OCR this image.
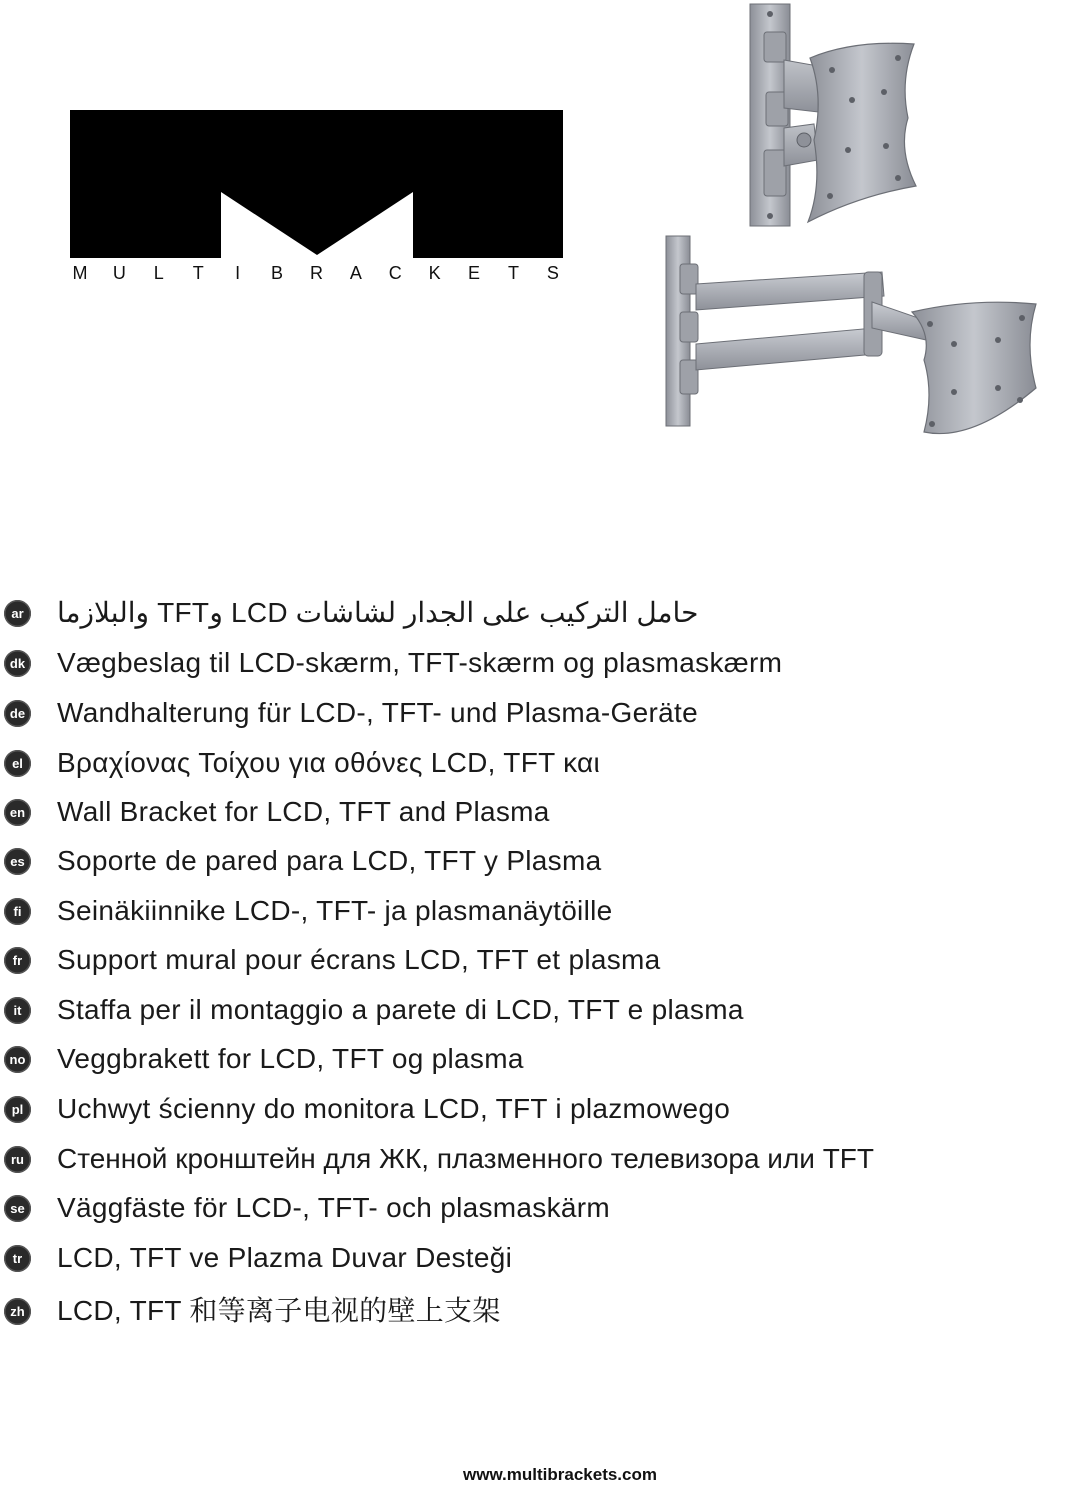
M U L T	I	B R A C K E T S
ar حامل التركيب على الجدار لشاشات LCD وTFT والبلازما
dk Vægbeslag til LCD-skærm, TFT-skærm og plasmaskærm
de Wandhalterung für LCD-, TFT- und Plasma-Geräte
el Βραχίονας Τοίχου για οθόνες LCD, TFT και
en Wall Bracket for LCD, TFT and Plasma
es Soporte de pared para LCD, TFT y Plasma
fi	Seinäkiinnike LCD-, TFT- ja plasmanäytöille
fr	Support mural pour écrans LCD, TFT et plasma
it	Staffa per il montaggio a parete di LCD, TFT e plasma
no Veggbrakett for LCD, TFT og plasma
pl Uchwyt ścienny do monitora LCD, TFT i plazmowego
ru Стенной кронштейн для ЖК, плазменного телевизора или TFT
se Väggfäste för LCD-, TFT- och plasmaskärm
tr	LCD, TFT ve Plazma Duvar Desteği
zh LCD, TFT 和等离子电视的壁上支架
www.multibrackets.com
